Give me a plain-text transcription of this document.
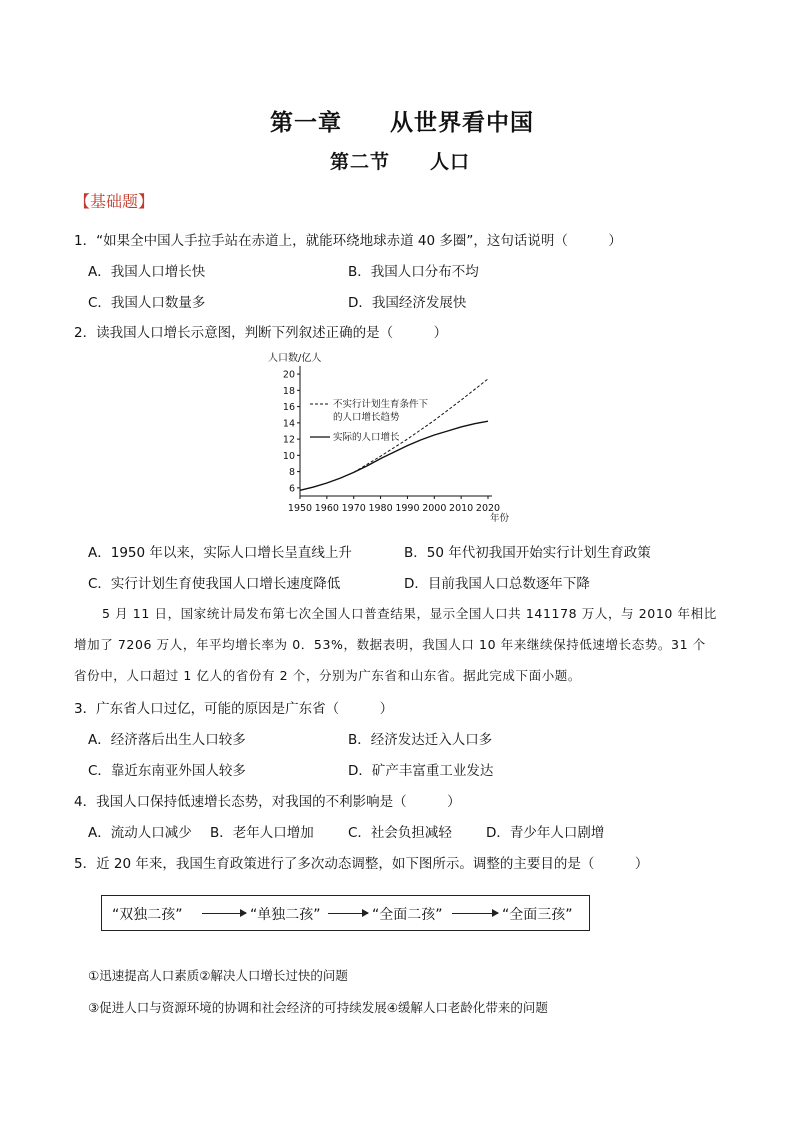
第一章　　从世界看中国
第二节　　人口
【基础题】
1．“如果全中国人手拉手站在赤道上，就能环绕地球赤道 40 多圈”，这句话说明（　　　）
A．我国人口增长快	B．我国人口分布不均
C．我国人口数量多	D．我国经济发展快
2．读我国人口增长示意图，判断下列叙述正确的是（　　　）
人口数/亿人
年份
6
8
10
12
14
16
18
20
1950 1960 1970 1980 1990 2000 2010 2020
不实行计划生育条件下
的人口增长趋势
实际的人口增长
A．1950 年以来，实际人口增长呈直线上升	B．50 年代初我国开始实行计划生育政策
C．实行计划生育使我国人口增长速度降低	D．目前我国人口总数逐年下降
5 月 11 日，国家统计局发布第七次全国人口普查结果，显示全国人口共 141178 万人，与 2010 年相比
增加了 7206 万人，年平均增长率为 0．53%，数据表明，我国人口 10 年来继续保持低速增长态势。31 个
省份中，人口超过 1 亿人的省份有 2 个，分别为广东省和山东省。据此完成下面小题。
3．广东省人口过亿，可能的原因是广东省（　　　）
A．经济落后出生人口较多	B．经济发达迁入人口多
C．靠近东南亚外国人较多	D．矿产丰富重工业发达
4．我国人口保持低速增长态势，对我国的不利影响是（　　　）
A．流动人口减少 B．老年人口增加	C．社会负担减轻	D．青少年人口剧增
5．近 20 年来，我国生育政策进行了多次动态调整，如下图所示。调整的主要目的是（　　　）
“双独二孩”	“单独二孩”	“全面二孩”	“全面三孩”
①迅速提高人口素质②解决人口增长过快的问题
③促进人口与资源环境的协调和社会经济的可持续发展④缓解人口老龄化带来的问题
